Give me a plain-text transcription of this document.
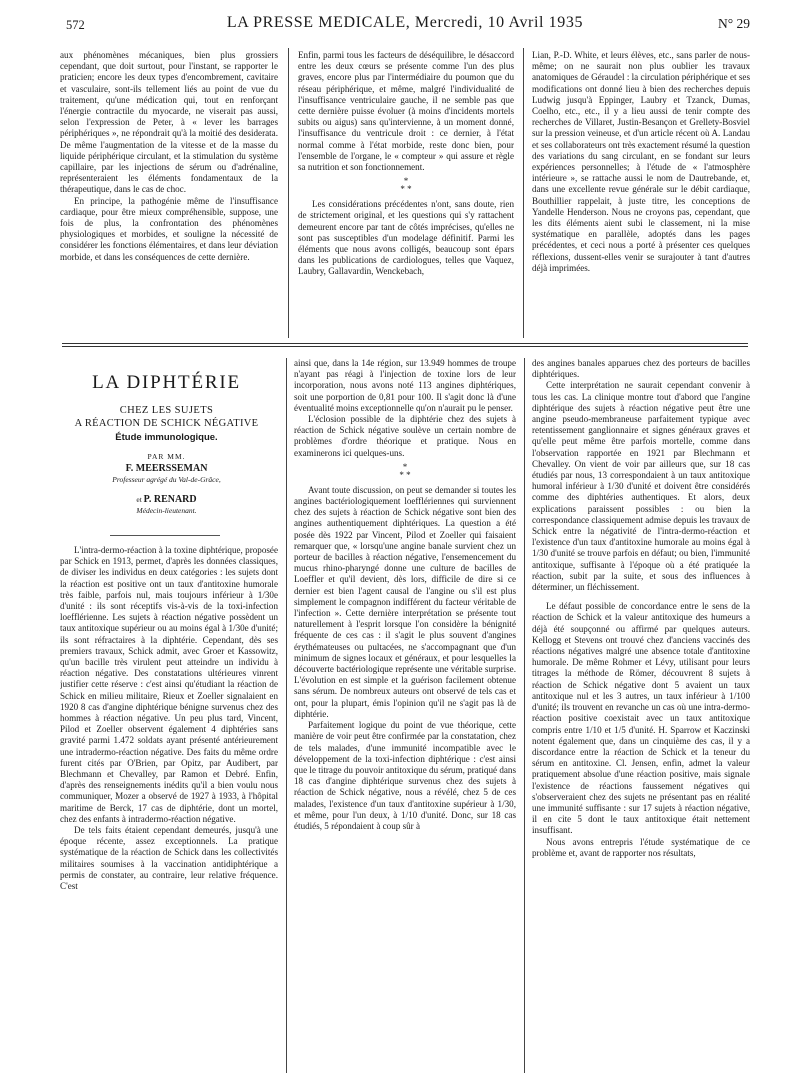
572	LA PRESSE MEDICALE, Mercredi, 10 Avril 1935	N° 29

aux phénomènes mécaniques, bien plus grossiers cependant, que doit surtout, pour l'instant, se rapporter le praticien; encore les deux types d'encombrement, cavitaire et vasculaire, sont-ils tellement liés au point de vue du traitement, qu'une médication qui, tout en renforçant l'énergie contractile du myocarde, ne viserait pas aussi, selon l'expression de Peter, à « lever les barrages périphériques », ne répondrait qu'à la moitié des desiderata. De même l'augmentation de la vitesse et de la masse du liquide périphérique circulant, et la stimulation du système capillaire, par les injections de sérum ou d'adrénaline, représenteraient les éléments fondamentaux de la thérapeutique, dans le cas de choc.

En principe, la pathogénie même de l'insuffisance cardiaque, pour être mieux compréhensible, suppose, une fois de plus, la confrontation des phénomènes physiologiques et morbides, et souligne la nécessité de considérer les fonctions élémentaires, et dans leur déviation morbide, et dans les conséquences de cette dernière.

Enfin, parmi tous les facteurs de déséquilibre, le désaccord entre les deux cœurs se présente comme l'un des plus graves, encore plus par l'intermédiaire du poumon que du réseau périphérique, et même, malgré l'individualité de l'insuffisance ventriculaire gauche, il ne semble pas que cette dernière puisse évoluer (à moins d'incidents mortels subits ou aigus) sans qu'intervienne, à un moment donné, l'insuffisance du ventricule droit : ce dernier, à l'état normal comme à l'état morbide, reste donc bien, pour l'ensemble de l'organe, le « compteur » qui assure et règle sa nutrition et son fonctionnement.

*
* *

Les considérations précédentes n'ont, sans doute, rien de strictement original, et les questions qui s'y rattachent demeurent encore par tant de côtés imprécises, qu'elles ne sont pas susceptibles d'un modelage définitif. Parmi les éléments que nous avons colligés, beaucoup sont épars dans les publications de cardiologues, telles que Vaquez, Laubry, Gallavardin, Wenckebach,

Lian, P.-D. White, et leurs élèves, etc., sans parler de nous-même; on ne saurait non plus oublier les travaux anatomiques de Géraudel : la circulation périphérique et ses modifications ont donné lieu à bien des recherches depuis Ludwig jusqu'à Eppinger, Laubry et Tzanck, Dumas, Coelho, etc., etc., il y a lieu aussi de tenir compte des recherches de Villaret, Justin-Besançon et Grellety-Bosviel sur la pression veineuse, et d'un article récent où A. Landau et ses collaborateurs ont très exactement résumé la question des variations du sang circulant, en se fondant sur leurs expériences personnelles; à l'étude de « l'atmosphère intérieure », se rattache aussi le nom de Dautrebande, et, dans une excellente revue générale sur le débit cardiaque, Bouthillier rappelait, à juste titre, les conceptions de Yandelle Henderson. Nous ne croyons pas, cependant, que les dits éléments aient subi le classement, ni la mise systématique en parallèle, adoptés dans les pages précédentes, et ceci nous a porté à présenter ces quelques réflexions, dussent-elles venir se surajouter à tant d'autres déjà imprimées.

LA DIPHTÉRIE
CHEZ LES SUJETS
A RÉACTION DE SCHICK NÉGATIVE
Étude immunologique.
PAR MM.
F. MEERSSEMAN
Professeur agrégé du Val-de-Grâce,
et P. RENARD
Médecin-lieutenant.

L'intra-dermo-réaction à la toxine diphtérique, proposée par Schick en 1913, permet, d'après les données classiques, de diviser les individus en deux catégories : les sujets dont la réaction est positive ont un taux d'antitoxine humorale très faible, parfois nul, mais toujours inférieur à 1/30e d'unité : ils sont réceptifs vis-à-vis de la toxi-infection loefflérienne. Les sujets à réaction négative possèdent un taux antitoxique supérieur ou au moins égal à 1/30e d'unité; ils sont réfractaires à la diphtérie. Cependant, dès ses premiers travaux, Schick admit, avec Groer et Kassowitz, qu'un bacille très virulent peut atteindre un individu à réaction négative. Des constatations ultérieures vinrent justifier cette réserve : c'est ainsi qu'étudiant la réaction de Schick en milieu militaire, Rieux et Zoeller signalaient en 1920 8 cas d'angine diphtérique bénigne survenus chez des hommes à réaction négative. Un peu plus tard, Vincent, Pilod et Zoeller observent également 4 diphtéries sans gravité parmi 1.472 soldats ayant présenté antérieurement une intradermo-réaction négative. Des faits du même ordre furent cités par O'Brien, par Opitz, par Audibert, par Blechmann et Chevalley, par Ramon et Debré. Enfin, d'après des renseignements inédits qu'il a bien voulu nous communiquer, Mozer a observé de 1927 à 1933, à l'hôpital maritime de Berck, 17 cas de diphtérie, dont un mortel, chez des enfants à intradermo-réaction négative.

De tels faits étaient cependant demeurés, jusqu'à une époque récente, assez exceptionnels. La pratique systématique de la réaction de Schick dans les collectivités militaires soumises à la vaccination antidiphtérique a permis de constater, au contraire, leur relative fréquence. C'est

ainsi que, dans la 14e région, sur 13.949 hommes de troupe n'ayant pas réagi à l'injection de toxine lors de leur incorporation, nous avons noté 113 angines diphtériques, soit une porportion de 0,81 pour 100. Il s'agit donc là d'une éventualité moins exceptionnelle qu'on n'aurait pu le penser.

L'éclosion possible de la diphtérie chez des sujets à réaction de Schick négative soulève un certain nombre de problèmes d'ordre théorique et pratique. Nous en examinerons ici quelques-uns.

*
* *

Avant toute discussion, on peut se demander si toutes les angines bactériologiquement loefflériennes qui surviennent chez des sujets à réaction de Schick négative sont bien des angines authentiquement diphtériques. La question a été posée dès 1922 par Vincent, Pilod et Zoeller qui faisaient remarquer que, « lorsqu'une angine banale survient chez un porteur de bacilles à réaction négative, l'ensemencement du mucus rhino-pharyngé donne une culture de bacilles de Loeffler et qu'il devient, dès lors, difficile de dire si ce dernier est bien l'agent causal de l'angine ou s'il est plus simplement le compagnon indifférent du facteur véritable de l'infection ». Cette dernière interprétation se présente tout naturellement à l'esprit lorsque l'on considère la bénignité fréquente de ces cas : il s'agit le plus souvent d'angines érythémateuses ou pultacées, ne s'accompagnant que d'un minimum de signes locaux et généraux, et pour lesquelles la découverte bactériologique représente une véritable surprise. L'évolution en est simple et la guérison facilement obtenue sans sérum. De nombreux auteurs ont observé de tels cas et ont, pour la plupart, émis l'opinion qu'il ne s'agit pas là de diphtérie.

Parfaitement logique du point de vue théorique, cette manière de voir peut être confirmée par la constatation, chez de tels malades, d'une immunité incompatible avec le développement de la toxi-infection diphtérique : c'est ainsi que le titrage du pouvoir antitoxique du sérum, pratiqué dans 18 cas d'angine diphtérique survenus chez des sujets à réaction de Schick négative, nous a révélé, chez 5 de ces malades, l'existence d'un taux d'antitoxine supérieur à 1/30, et même, pour l'un deux, à 1/10 d'unité. Donc, sur 18 cas étudiés, 5 répondaient à coup sûr à

des angines banales apparues chez des porteurs de bacilles diphtériques.

Cette interprétation ne saurait cependant convenir à tous les cas. La clinique montre tout d'abord que l'angine diphtérique des sujets à réaction négative peut être une angine pseudo-membraneuse parfaitement typique avec retentissement ganglionnaire et signes généraux graves et qu'elle peut même être parfois mortelle, comme dans l'observation rapportée en 1921 par Blechmann et Chevalley. On vient de voir par ailleurs que, sur 18 cas étudiés par nous, 13 correspondaient à un taux antitoxique humoral inférieur à 1/30 d'unité et doivent être considérés comme des diphtéries authentiques. Et alors, deux explications paraissent possibles : ou bien la correspondance classiquement admise depuis les travaux de Schick entre la négativité de l'intra-dermo-réaction et l'existence d'un taux d'antitoxine humorale au moins égal à 1/30 d'unité se trouve parfois en défaut; ou bien, l'immunité antitoxique, suffisante à l'époque où a été pratiquée la réaction, subit par la suite, et sous des influences à déterminer, un fléchissement.

Le défaut possible de concordance entre le sens de la réaction de Schick et la valeur antitoxique des humeurs a déjà été soupçonné ou affirmé par quelques auteurs. Kellogg et Stevens ont trouvé chez d'anciens vaccinés des réactions négatives malgré une absence totale d'antitoxine humorale. De même Rohmer et Lévy, utilisant pour leurs titrages la méthode de Römer, découvrent 8 sujets à réaction de Schick négative dont 5 avaient un taux antitoxique nul et les 3 autres, un taux inférieur à 1/100 d'unité; ils trouvent en revanche un cas où une intra-dermo-réaction positive coexistait avec un taux antitoxique compris entre 1/10 et 1/5 d'unité. H. Sparrow et Kaczinski notent également que, dans un cinquième des cas, il y a discordance entre la réaction de Schick et la teneur du sérum en antitoxine. Cl. Jensen, enfin, admet la valeur pratiquement absolue d'une réaction positive, mais signale l'existence de réactions faussement négatives qui s'observeraient chez des sujets ne présentant pas en réalité une immunité suffisante : sur 17 sujets à réaction négative, il en cite 5 dont le taux antitoxique était nettement insuffisant.

Nous avons entrepris l'étude systématique de ce problème et, avant de rapporter nos résultats,
